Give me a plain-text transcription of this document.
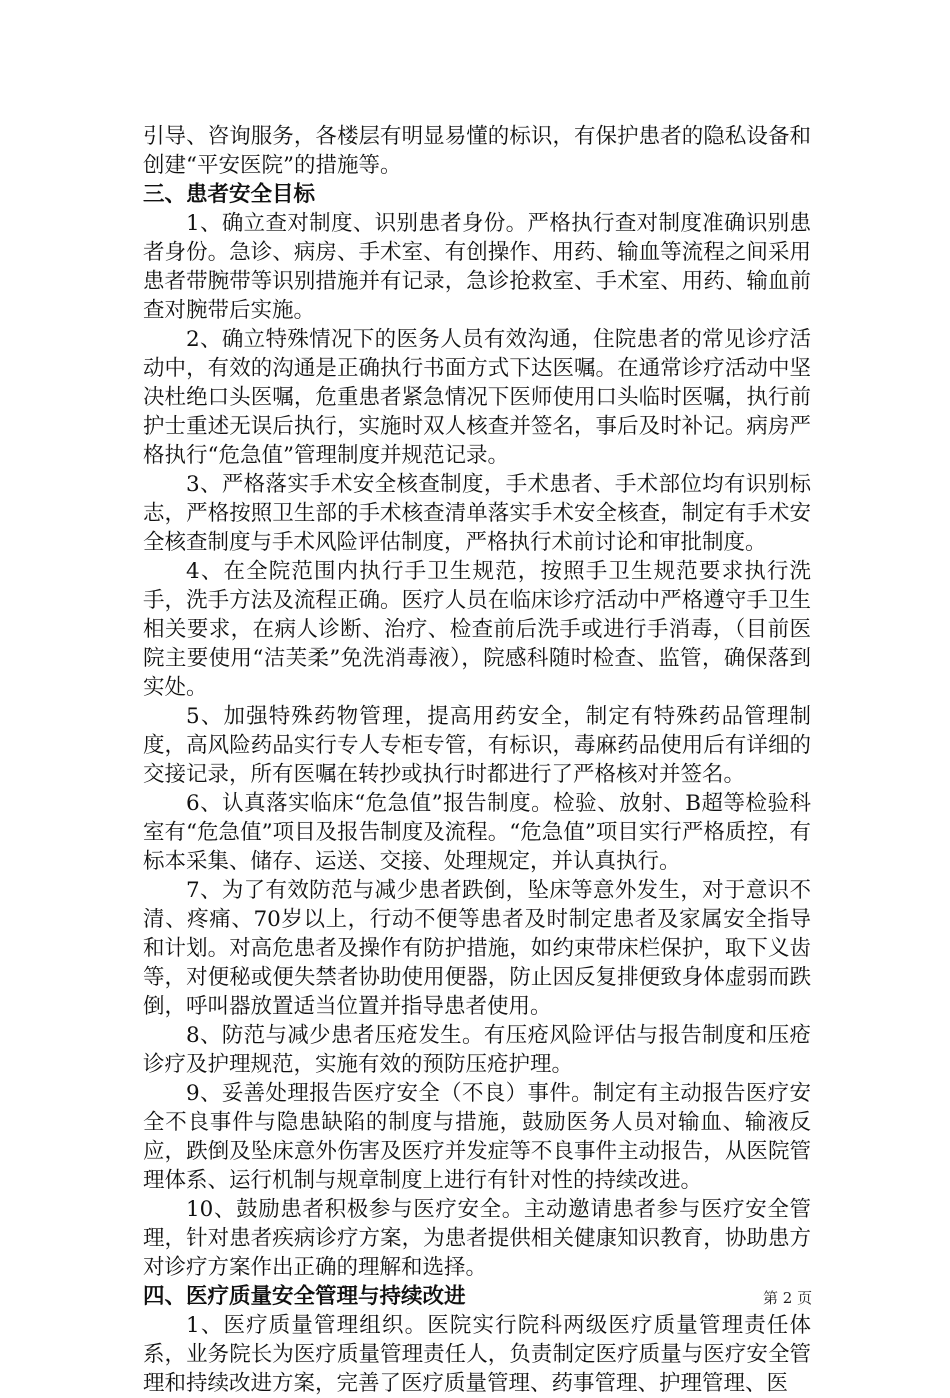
引导、咨询服务，各楼层有明显易懂的标识，有保护患者的隐私设备和创建“平安医院”的措施等。

三、患者安全目标

1、确立查对制度、识别患者身份。严格执行查对制度准确识别患者身份。急诊、病房、手术室、有创操作、用药、输血等流程之间采用患者带腕带等识别措施并有记录，急诊抢救室、手术室、用药、输血前查对腕带后实施。

2、确立特殊情况下的医务人员有效沟通，住院患者的常见诊疗活动中，有效的沟通是正确执行书面方式下达医嘱。在通常诊疗活动中坚决杜绝口头医嘱，危重患者紧急情况下医师使用口头临时医嘱，执行前护士重述无误后执行，实施时双人核查并签名，事后及时补记。病房严格执行“危急值”管理制度并规范记录。

3、严格落实手术安全核查制度，手术患者、手术部位均有识别标志，严格按照卫生部的手术核查清单落实手术安全核查，制定有手术安全核查制度与手术风险评估制度，严格执行术前讨论和审批制度。

4、在全院范围内执行手卫生规范，按照手卫生规范要求执行洗手，洗手方法及流程正确。医疗人员在临床诊疗活动中严格遵守手卫生相关要求，在病人诊断、治疗、检查前后洗手或进行手消毒，（目前医院主要使用“洁芙柔”免洗消毒液），院感科随时检查、监管，确保落到实处。

5、加强特殊药物管理，提高用药安全，制定有特殊药品管理制度，高风险药品实行专人专柜专管，有标识，毒麻药品使用后有详细的交接记录，所有医嘱在转抄或执行时都进行了严格核对并签名。

6、认真落实临床“危急值”报告制度。检验、放射、B超等检验科室有“危急值”项目及报告制度及流程。“危急值”项目实行严格质控，有标本采集、储存、运送、交接、处理规定，并认真执行。

7、为了有效防范与减少患者跌倒，坠床等意外发生，对于意识不清、疼痛、70岁以上，行动不便等患者及时制定患者及家属安全指导和计划。对高危患者及操作有防护措施，如约束带床栏保护，取下义齿等，对便秘或便失禁者协助使用便器，防止因反复排便致身体虚弱而跌倒，呼叫器放置适当位置并指导患者使用。

8、防范与减少患者压疮发生。有压疮风险评估与报告制度和压疮诊疗及护理规范，实施有效的预防压疮护理。

9、妥善处理报告医疗安全（不良）事件。制定有主动报告医疗安全不良事件与隐患缺陷的制度与措施，鼓励医务人员对输血、输液反应，跌倒及坠床意外伤害及医疗并发症等不良事件主动报告，从医院管理体系、运行机制与规章制度上进行有针对性的持续改进。

10、鼓励患者积极参与医疗安全。主动邀请患者参与医疗安全管理，针对患者疾病诊疗方案，为患者提供相关健康知识教育，协助患方对诊疗方案作出正确的理解和选择。

四、医疗质量安全管理与持续改进

1、医疗质量管理组织。医院实行院科两级医疗质量管理责任体系，业务院长为医疗质量管理责任人，负责制定医疗质量与医疗安全管理和持续改进方案，完善了医疗质量管理、药事管理、护理管理、医

第 2 页
